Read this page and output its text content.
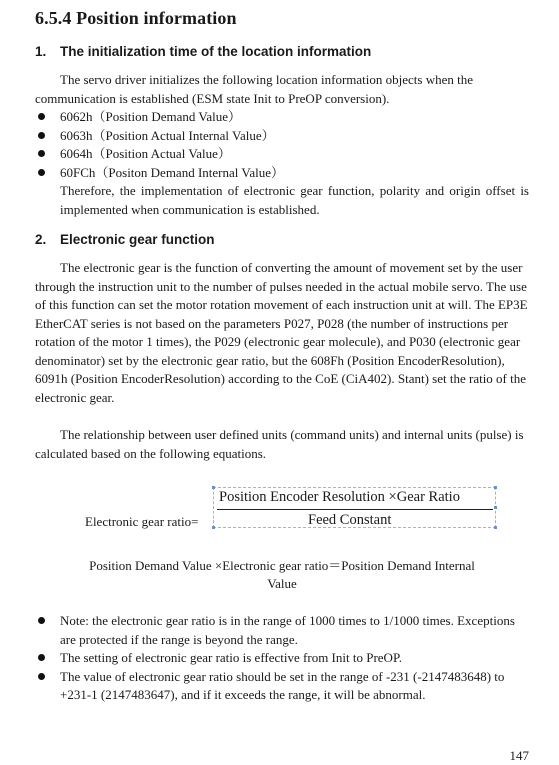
6.5.4 Position information
1. The initialization time of the location information
The servo driver initializes the following location information objects when the communication is established (ESM state Init to PreOP conversion).
6062h（Position Demand Value）
6063h（Position Actual Internal Value）
6064h（Position Actual Value）
60FCh（Positon Demand Internal Value）
Therefore, the implementation of electronic gear function, polarity and origin offset is implemented when communication is established.
2. Electronic gear function
The electronic gear is the function of converting the amount of movement set by the user through the instruction unit to the number of pulses needed in the actual mobile servo. The use of this function can set the motor rotation movement of each instruction unit at will. The EP3E EtherCAT series is not based on the parameters P027, P028 (the number of instructions per rotation of the motor 1 times), the P029 (electronic gear molecule), and P030 (electronic gear denominator) set by the electronic gear ratio, but the 608Fh (Position EncoderResolution), 6091h (Position EncoderResolution) according to the CoE (CiA402). Stant) set the ratio of the electronic gear.
The relationship between user defined units (command units) and internal units (pulse) is calculated based on the following equations.
Electronic gear ratio=
Position Encoder Resolution ×Gear Ratio
Feed Constant
Position Demand Value ×Electronic gear ratio＝Position Demand Internal
Value
Note: the electronic gear ratio is in the range of 1000 times to 1/1000 times. Exceptions are protected if the range is beyond the range.
The setting of electronic gear ratio is effective from Init to PreOP.
The value of electronic gear ratio should be set in the range of -231 (-2147483648) to +231-1 (2147483647), and if it exceeds the range, it will be abnormal.
147
